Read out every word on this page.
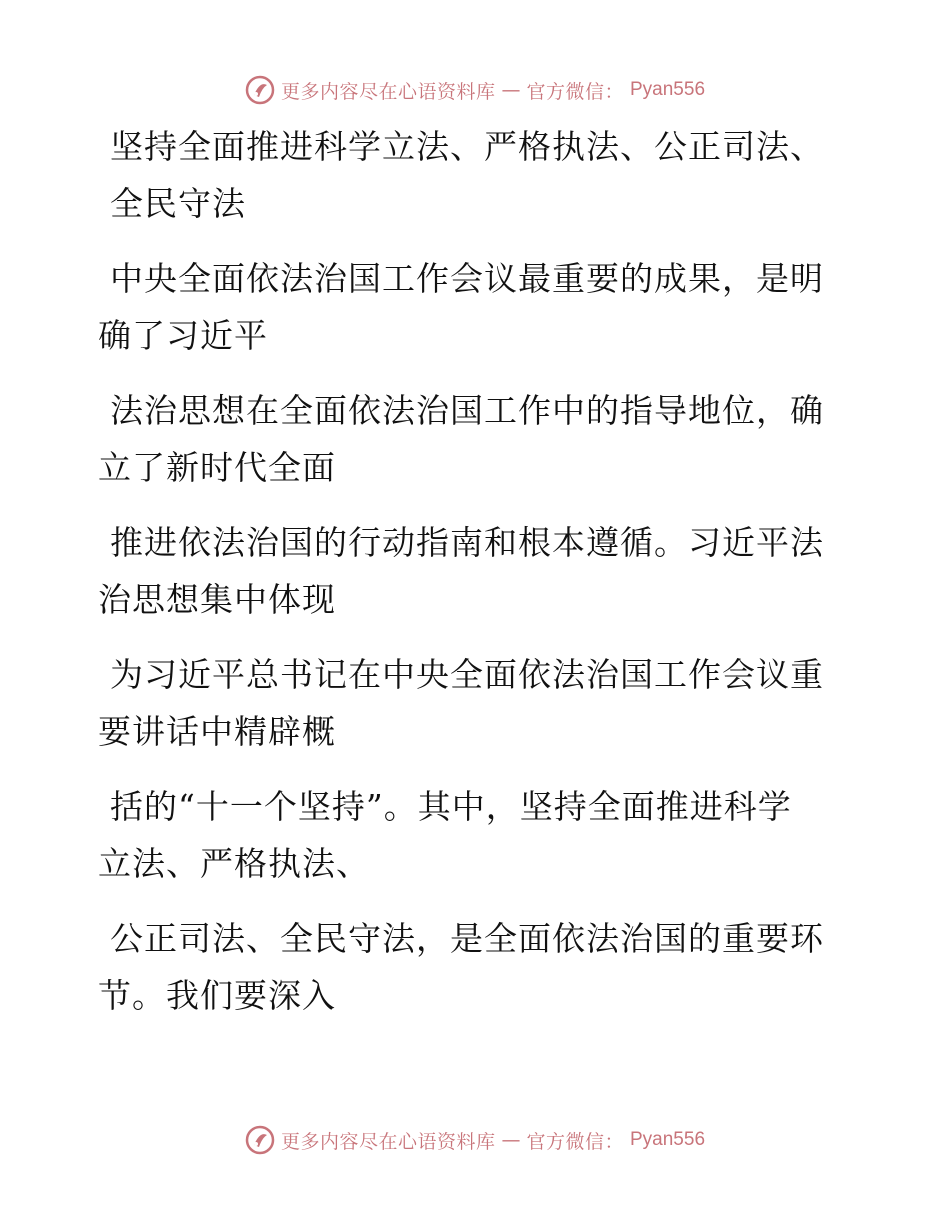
更多内容尽在心语资料库 — 官方微信： Pyan556

坚持全面推进科学立法、严格执法、公正司法、

全民守法

中央全面依法治国工作会议最重要的成果，是明

确了习近平

法治思想在全面依法治国工作中的指导地位，确

立了新时代全面

推进依法治国的行动指南和根本遵循。习近平法

治思想集中体现

为习近平总书记在中央全面依法治国工作会议重

要讲话中精辟概

括的“十一个坚持”。其中，坚持全面推进科学

立法、严格执法、

公正司法、全民守法，是全面依法治国的重要环

节。我们要深入

更多内容尽在心语资料库 — 官方微信： Pyan556
